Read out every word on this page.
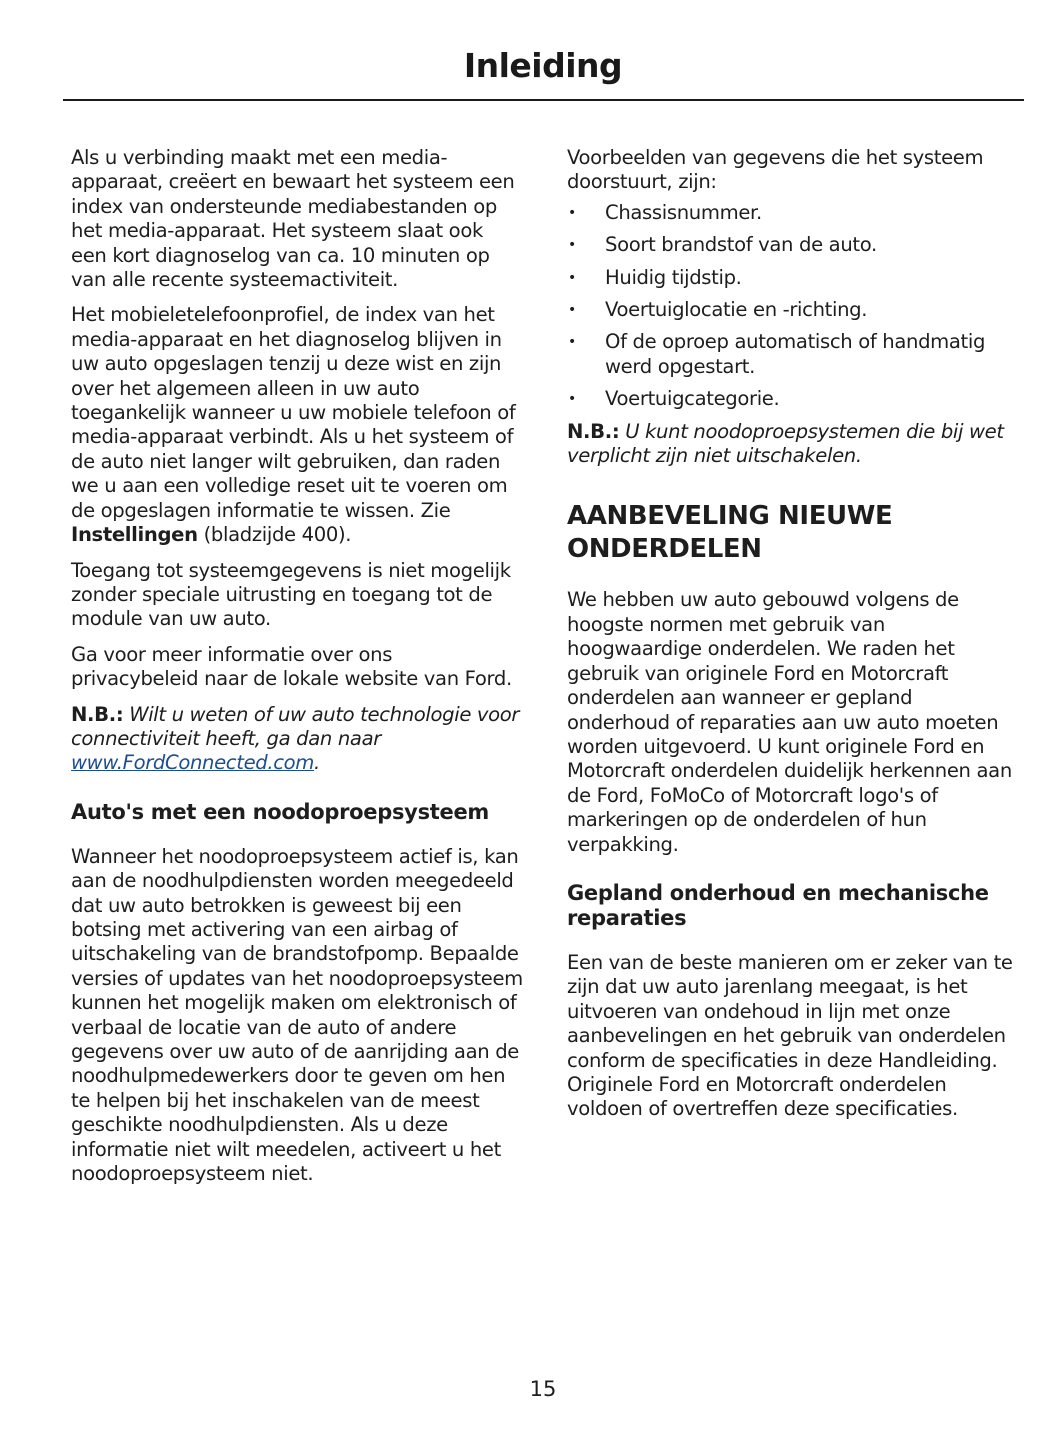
Inleiding

Als u verbinding maakt met een media-apparaat, creëert en bewaart het systeem een index van ondersteunde mediabestanden op het media-apparaat. Het systeem slaat ook een kort diagnoselog van ca. 10 minuten op van alle recente systeemactiviteit.

Het mobieletelefoonprofiel, de index van het media-apparaat en het diagnoselog blijven in uw auto opgeslagen tenzij u deze wist en zijn over het algemeen alleen in uw auto toegankelijk wanneer u uw mobiele telefoon of media-apparaat verbindt. Als u het systeem of de auto niet langer wilt gebruiken, dan raden we u aan een volledige reset uit te voeren om de opgeslagen informatie te wissen. Zie Instellingen (bladzijde 400).

Toegang tot systeemgegevens is niet mogelijk zonder speciale uitrusting en toegang tot de module van uw auto.

Ga voor meer informatie over ons privacybeleid naar de lokale website van Ford.

N.B.: Wilt u weten of uw auto technologie voor connectiviteit heeft, ga dan naar www.FordConnected.com.

Auto's met een noodoproepsysteem

Wanneer het noodoproepsysteem actief is, kan aan de noodhulpdiensten worden meegedeeld dat uw auto betrokken is geweest bij een botsing met activering van een airbag of uitschakeling van de brandstofpomp. Bepaalde versies of updates van het noodoproepsysteem kunnen het mogelijk maken om elektronisch of verbaal de locatie van de auto of andere gegevens over uw auto of de aanrijding aan de noodhulpmedewerkers door te geven om hen te helpen bij het inschakelen van de meest geschikte noodhulpdiensten. Als u deze informatie niet wilt meedelen, activeert u het noodoproepsysteem niet.

Voorbeelden van gegevens die het systeem doorstuurt, zijn:

• Chassisnummer.
• Soort brandstof van de auto.
• Huidig tijdstip.
• Voertuiglocatie en -richting.
• Of de oproep automatisch of handmatig werd opgestart.
• Voertuigcategorie.

N.B.: U kunt noodoproepsystemen die bij wet verplicht zijn niet uitschakelen.

AANBEVELING NIEUWE ONDERDELEN

We hebben uw auto gebouwd volgens de hoogste normen met gebruik van hoogwaardige onderdelen. We raden het gebruik van originele Ford en Motorcraft onderdelen aan wanneer er gepland onderhoud of reparaties aan uw auto moeten worden uitgevoerd. U kunt originele Ford en Motorcraft onderdelen duidelijk herkennen aan de Ford, FoMoCo of Motorcraft logo's of markeringen op de onderdelen of hun verpakking.

Gepland onderhoud en mechanische reparaties

Een van de beste manieren om er zeker van te zijn dat uw auto jarenlang meegaat, is het uitvoeren van ondehoud in lijn met onze aanbevelingen en het gebruik van onderdelen conform de specificaties in deze Handleiding. Originele Ford en Motorcraft onderdelen voldoen of overtreffen deze specificaties.

15
